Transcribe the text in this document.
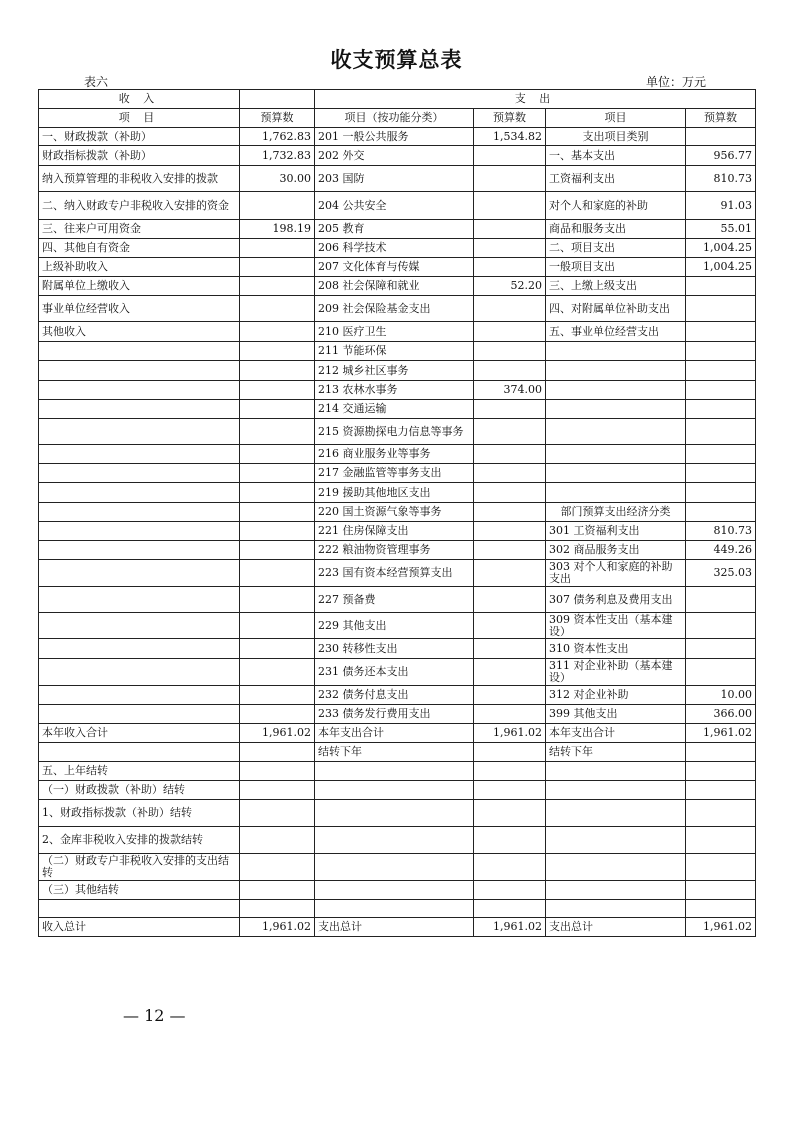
收支预算总表
表六	单位：万元
收 入		支 出			
项 目	预算数	项目（按功能分类）	预算数	项目	预算数
一、财政拨款（补助）	1,762.83	201 一般公共服务	1,534.82	支出项目类别	
财政指标拨款（补助）	1,732.83	202 外交		一、基本支出	956.77
纳入预算管理的非税收入安排的拨款	30.00	203 国防		工资福利支出	810.73
二、纳入财政专户非税收入安排的资金		204 公共安全		对个人和家庭的补助	91.03
三、往来户可用资金	198.19	205 教育		商品和服务支出	55.01
四、其他自有资金		206 科学技术		二、项目支出	1,004.25
上级补助收入		207 文化体育与传媒		一般项目支出	1,004.25
附属单位上缴收入		208 社会保障和就业	52.20	三、上缴上级支出	
事业单位经营收入		209 社会保险基金支出		四、对附属单位补助支出	
其他收入		210 医疗卫生		五、事业单位经营支出	
		211 节能环保			
		212 城乡社区事务			
		213 农林水事务	374.00		
		214 交通运输			
		215 资源勘探电力信息等事务			
		216 商业服务业等事务			
		217 金融监管等事务支出			
		219 援助其他地区支出			
		220 国土资源气象等事务		部门预算支出经济分类	
		221 住房保障支出		301 工资福利支出	810.73
		222 粮油物资管理事务		302 商品服务支出	449.26
		223 国有资本经营预算支出		303 对个人和家庭的补助支出	325.03
		227 预备费		307 债务利息及费用支出	
		229 其他支出		309 资本性支出（基本建设）	
		230 转移性支出		310 资本性支出	
		231 债务还本支出		311 对企业补助（基本建设）	
		232 债务付息支出		312 对企业补助	10.00
		233 债务发行费用支出		399 其他支出	366.00
本年收入合计	1,961.02	本年支出合计	1,961.02	本年支出合计	1,961.02
		结转下年		结转下年	
五、上年结转					
（一）财政拨款（补助）结转					
1、财政指标拨款（补助）结转					
2、金库非税收入安排的拨款结转					
（二）财政专户非税收入安排的支出结转					
（三）其他结转					

收入总计	1,961.02	支出总计	1,961.02	支出总计	1,961.02
— 12 —
